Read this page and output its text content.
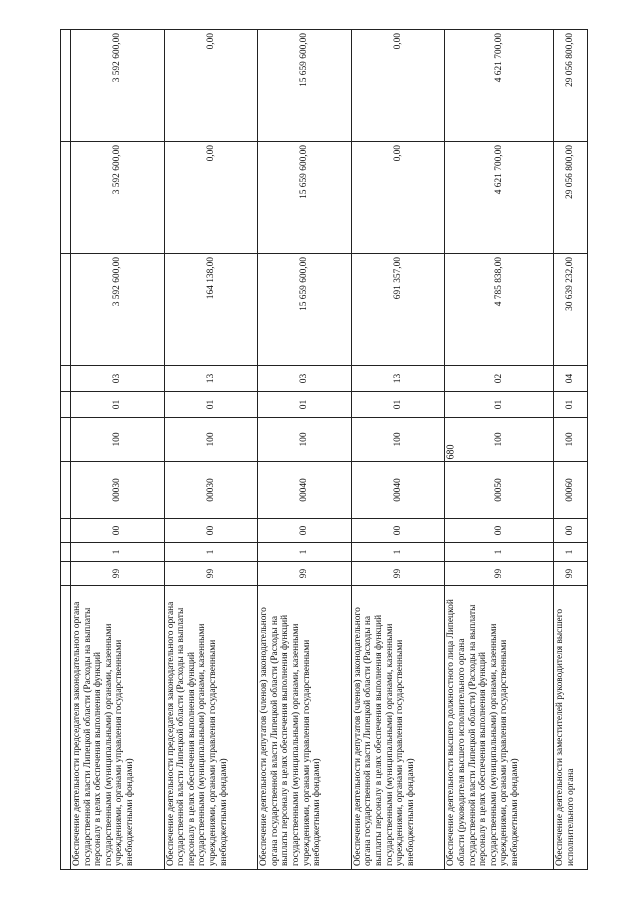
680

Обеспечение деятельности председателя законодательного органа государственной власти Липецкой области (Расходы на выплаты персоналу в целях обеспечения выполнения функций государственными (муниципальными) органами, казенными учреждениями, органами управления государственными внебюджетными фондами)	99	1	00	00030	100	01	03	3 592 600,00	3 592 600,00	3 592 600,00
Обеспечение деятельности председателя законодательного органа государственной власти Липецкой области (Расходы на выплаты персоналу в целях обеспечения выполнения функций государственными (муниципальными) органами, казенными учреждениями, органами управления государственными внебюджетными фондами)	99	1	00	00030	100	01	13	164 138,00	0,00	0,00
Обеспечение деятельности депутатов (членов) законодательного органа государственной власти Липецкой области (Расходы на выплаты персоналу в целях обеспечения выполнения функций государственными (муниципальными) органами, казенными учреждениями, органами управления государственными внебюджетными фондами)	99	1	00	00040	100	01	03	15 659 600,00	15 659 600,00	15 659 600,00
Обеспечение деятельности депутатов (членов) законодательного органа государственной власти Липецкой области (Расходы на выплаты персоналу в целях обеспечения выполнения функций государственными (муниципальными) органами, казенными учреждениями, органами управления государственными внебюджетными фондами)	99	1	00	00040	100	01	13	691 357,00	0,00	0,00
Обеспечение деятельности высшего должностного лица Липецкой области (руководителя высшего исполнительного органа государственной власти Липецкой области) (Расходы на выплаты персоналу в целях обеспечения выполнения функций государственными (муниципальными) органами, казенными учреждениями, органами управления государственными внебюджетными фондами)	99	1	00	00050	100	01	02	4 785 838,00	4 621 700,00	4 621 700,00
Обеспечение деятельности заместителей руководителя высшего исполнительного органа	99	1	00	00060	100	01	04	30 639 232,00	29 056 800,00	29 056 800,00
